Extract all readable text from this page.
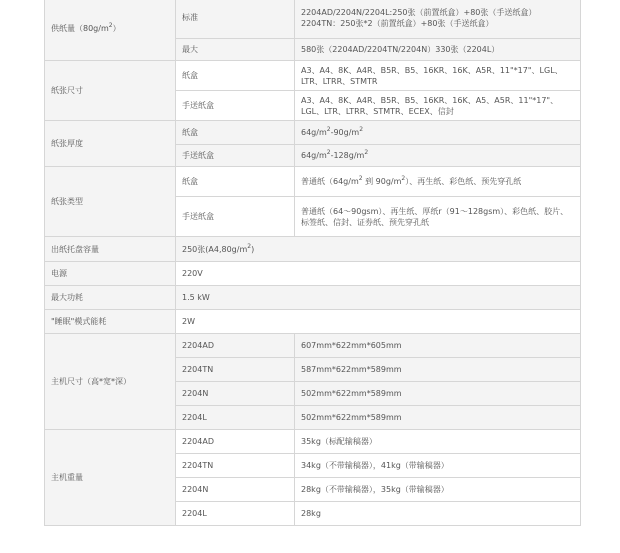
供纸量$(80g/m^2)$	标准	2204AD/2204N/2204L:250张（前置纸盒）+80张（手送纸盒）
2204TN：250张*2（前置纸盒）+80张（手送纸盒）
	最大	580张（2204AD/2204TN/2204N）330张（2204L）
纸张尺寸	纸盒	A3、A4、8K、A4R、B5R、B5、16KR、16K、A5R、11"*17"、LGL、LTR、LTRR、STMTR
	手送纸盒	A3、A4、8K、A4R、B5R、B5、16KR、16K、A5、A5R、11"*17"、LGL、LTR、LTRR、STMTR、ECEX、信封
纸张厚度	纸盒	$64g/m^2-90g/m^2$
	手送纸盒	$64g/m^2-128g/m^2$
纸张类型	纸盒	普通纸（$64g/m^2$ 到 $90g/m^2$）、再生纸、彩色纸、预先穿孔纸
	手送纸盒	普通纸（64～90gsm）、再生纸、厚纸r（91～128gsm）、彩色纸、胶片、标签纸、信封、证券纸、预先穿孔纸
出纸托盘容量	250张$(A4,80g/m^2)$	
电源	220V	
最大功耗	1.5 kW	
"睡眠"模式能耗	2W	
主机尺寸（高*宽*深）	2204AD	607mm*622mm*605mm
	2204TN	587mm*622mm*589mm
	2204N	502mm*622mm*589mm
	2204L	502mm*622mm*589mm
主机重量	2204AD	35kg（标配输稿器）
	2204TN	34kg（不带输稿器），41kg（带输稿器）
	2204N	28kg（不带输稿器），35kg（带输稿器）
	2204L	28kg
